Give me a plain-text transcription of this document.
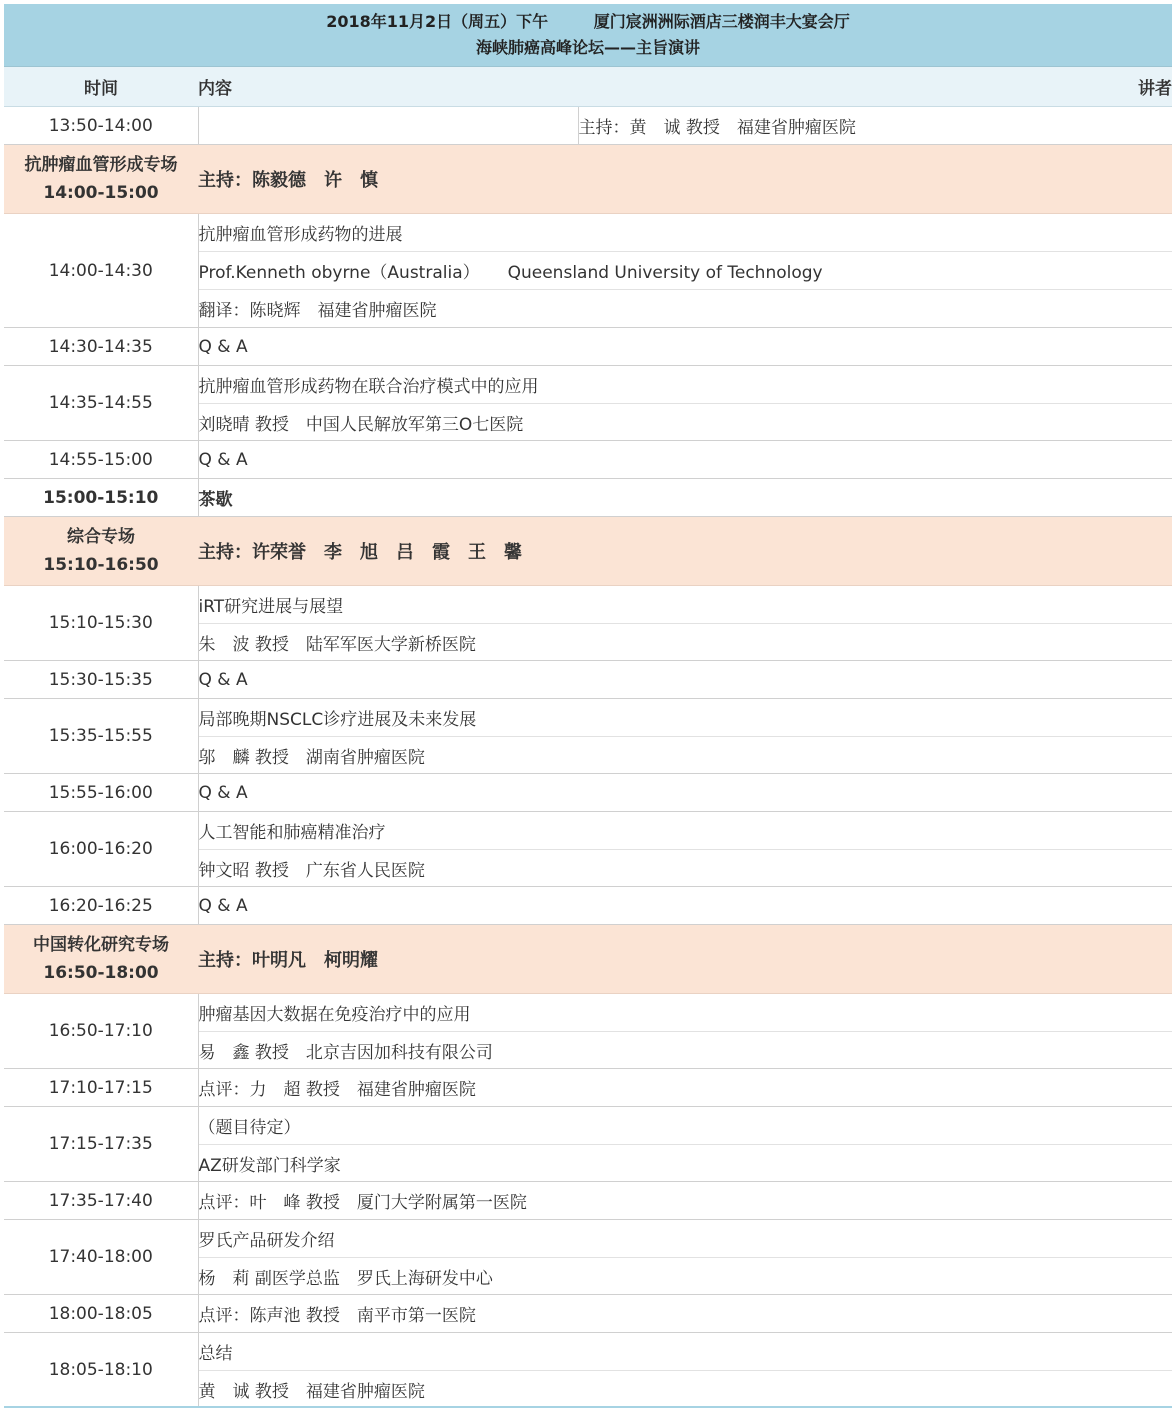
2018年11月2日（周五）下午 厦门宸洲洲际酒店三楼润丰大宴会厅
海峡肺癌高峰论坛——主旨演讲		

时间	内容	讲者
13:50-14:00		主持：黄　诚 教授　福建省肿瘤医院

抗肿瘤血管形成专场
14:00-15:00	主持：陈毅德　许　慎	
14:00-14:30	抗肿瘤血管形成药物的进展	
	Prof.Kenneth obyrne（Australia） Queensland University of Technology	
	翻译：陈晓辉　福建省肿瘤医院	
14:30-14:35	Q & A	
14:35-14:55	抗肿瘤血管形成药物在联合治疗模式中的应用	
	刘晓晴 教授　中国人民解放军第三O七医院	
14:55-15:00	Q & A	
15:00-15:10	茶歇	

综合专场
15:10-16:50	主持：许荣誉　李　旭　吕　霞　王　馨	
15:10-15:30	iRT研究进展与展望	
	朱　波 教授　陆军军医大学新桥医院	
15:30-15:35	Q & A	
15:35-15:55	局部晚期NSCLC诊疗进展及未来发展	
	邬　麟 教授　湖南省肿瘤医院	
15:55-16:00	Q & A	
16:00-16:20	人工智能和肺癌精准治疗	
	钟文昭 教授　广东省人民医院	
16:20-16:25	Q & A	

中国转化研究专场
16:50-18:00	主持：叶明凡　柯明耀	
16:50-17:10	肿瘤基因大数据在免疫治疗中的应用	
	易　鑫 教授　北京吉因加科技有限公司	
17:10-17:15	点评：力　超 教授　福建省肿瘤医院	
17:15-17:35	（题目待定）	
	AZ研发部门科学家	
17:35-17:40	点评：叶　峰 教授　厦门大学附属第一医院	
17:40-18:00	罗氏产品研发介绍	
	杨　莉 副医学总监　罗氏上海研发中心	
18:00-18:05	点评：陈声池 教授　南平市第一医院	
18:05-18:10	总结	
	黄　诚 教授　福建省肿瘤医院	
